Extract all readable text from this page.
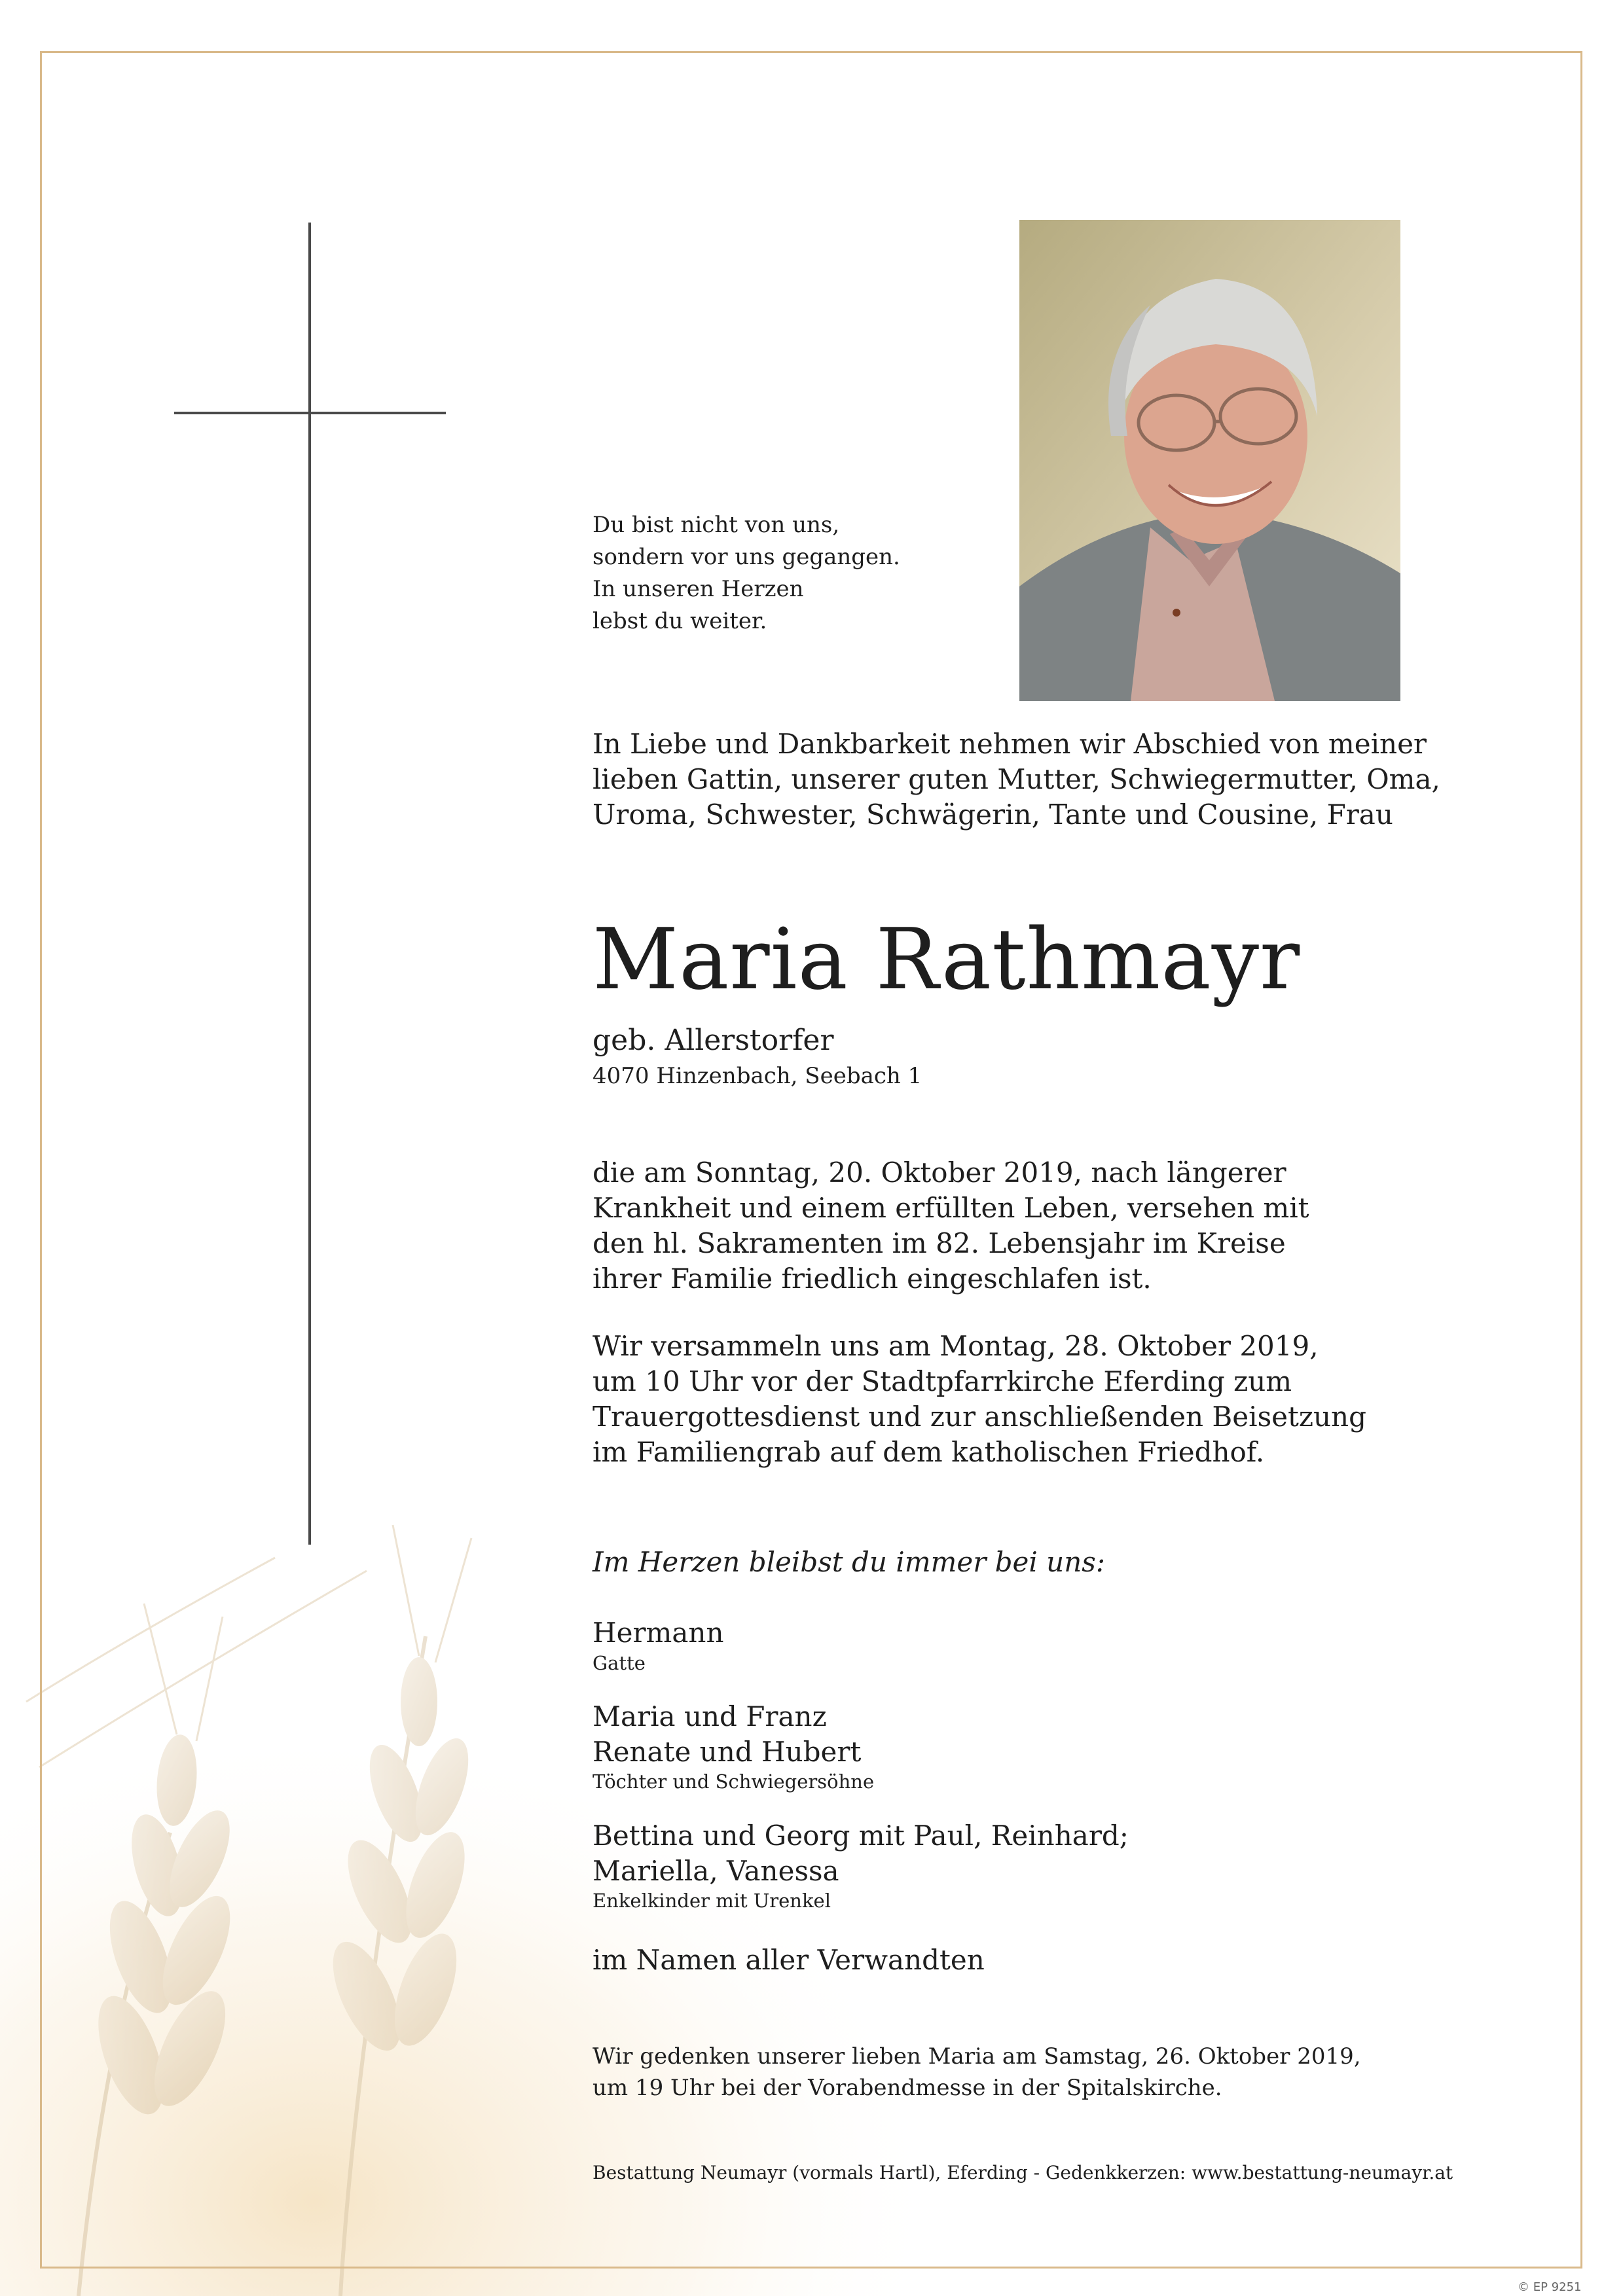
Du bist nicht von uns,
sondern vor uns gegangen.
In unseren Herzen
lebst du weiter.
In Liebe und Dankbarkeit nehmen wir Abschied von meiner
lieben Gattin, unserer guten Mutter, Schwiegermutter, Oma,
Uroma, Schwester, Schwägerin, Tante und Cousine, Frau
Maria Rathmayr
geb. Allerstorfer
4070 Hinzenbach, Seebach 1
die am Sonntag, 20. Oktober 2019, nach längerer
Krankheit und einem erfüllten Leben, versehen mit
den hl. Sakramenten im 82. Lebensjahr im Kreise
ihrer Familie friedlich eingeschlafen ist.
Wir versammeln uns am Montag, 28. Oktober 2019,
um 10 Uhr vor der Stadtpfarrkirche Eferding zum
Trauergottesdienst und zur anschließenden Beisetzung
im Familiengrab auf dem katholischen Friedhof.
Im Herzen bleibst du immer bei uns:
Hermann
Gatte
Maria und Franz
Renate und Hubert
Töchter und Schwiegersöhne
Bettina und Georg mit Paul, Reinhard;
Mariella, Vanessa
Enkelkinder mit Urenkel
im Namen aller Verwandten
Wir gedenken unserer lieben Maria am Samstag, 26. Oktober 2019,
um 19 Uhr bei der Vorabendmesse in der Spitalskirche.
Bestattung Neumayr (vormals Hartl), Eferding - Gedenkkerzen: www.bestattung-neumayr.at
© EP 9251
